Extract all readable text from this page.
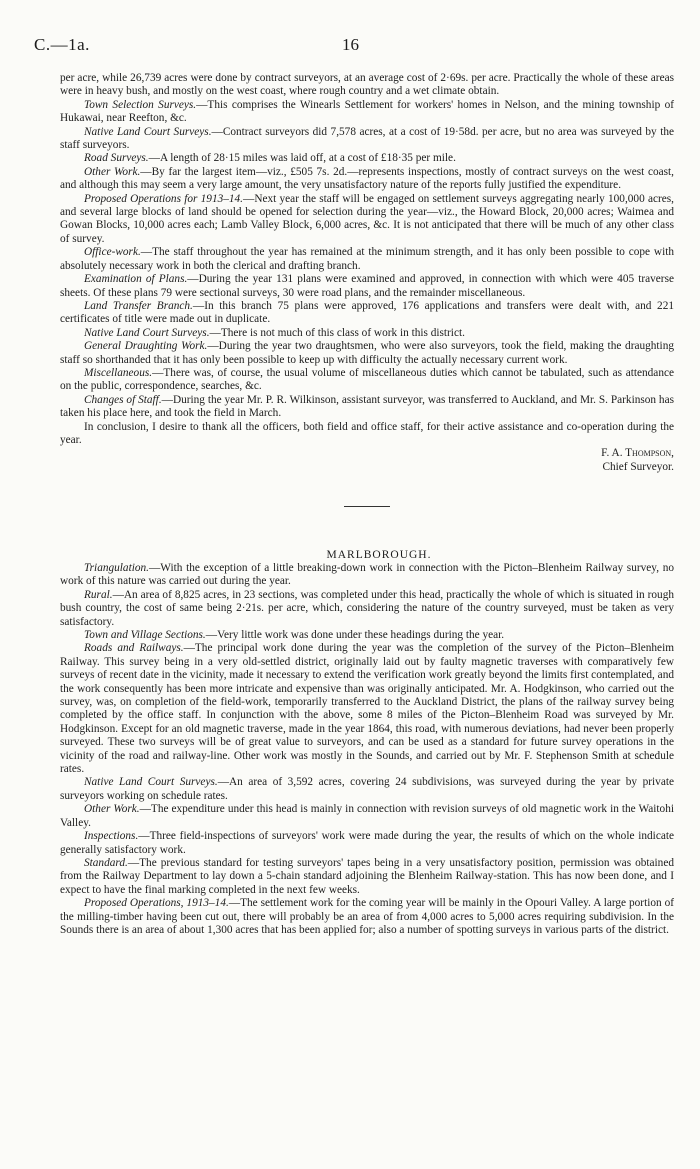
C.—1a.	16

per acre, while 26,739 acres were done by contract surveyors, at an average cost of 2·69s. per acre. Practically the whole of these areas were in heavy bush, and mostly on the west coast, where rough country and a wet climate obtain.

Town Selection Surveys.—This comprises the Winearls Settlement for workers' homes in Nelson, and the mining township of Hukawai, near Reefton, &c.

Native Land Court Surveys.—Contract surveyors did 7,578 acres, at a cost of 19·58d. per acre, but no area was surveyed by the staff surveyors.

Road Surveys.—A length of 28·15 miles was laid off, at a cost of £18·35 per mile.

Other Work.—By far the largest item—viz., £505 7s. 2d.—represents inspections, mostly of contract surveys on the west coast, and although this may seem a very large amount, the very unsatisfactory nature of the reports fully justified the expenditure.

Proposed Operations for 1913–14.—Next year the staff will be engaged on settlement surveys aggregating nearly 100,000 acres, and several large blocks of land should be opened for selection during the year—viz., the Howard Block, 20,000 acres; Waimea and Gowan Blocks, 10,000 acres each; Lamb Valley Block, 6,000 acres, &c. It is not anticipated that there will be much of any other class of survey.

Office-work.—The staff throughout the year has remained at the minimum strength, and it has only been possible to cope with absolutely necessary work in both the clerical and drafting branch.

Examination of Plans.—During the year 131 plans were examined and approved, in connection with which were 405 traverse sheets. Of these plans 79 were sectional surveys, 30 were road plans, and the remainder miscellaneous.

Land Transfer Branch.—In this branch 75 plans were approved, 176 applications and transfers were dealt with, and 221 certificates of title were made out in duplicate.

Native Land Court Surveys.—There is not much of this class of work in this district.

General Draughting Work.—During the year two draughtsmen, who were also surveyors, took the field, making the draughting staff so shorthanded that it has only been possible to keep up with difficulty the actually necessary current work.

Miscellaneous.—There was, of course, the usual volume of miscellaneous duties which cannot be tabulated, such as attendance on the public, correspondence, searches, &c.

Changes of Staff.—During the year Mr. P. R. Wilkinson, assistant surveyor, was transferred to Auckland, and Mr. S. Parkinson has taken his place here, and took the field in March.

In conclusion, I desire to thank all the officers, both field and office staff, for their active assistance and co-operation during the year.

F. A. Thompson,

Chief Surveyor.

MARLBOROUGH.

Triangulation.—With the exception of a little breaking-down work in connection with the Picton–Blenheim Railway survey, no work of this nature was carried out during the year.

Rural.—An area of 8,825 acres, in 23 sections, was completed under this head, practically the whole of which is situated in rough bush country, the cost of same being 2·21s. per acre, which, considering the nature of the country surveyed, must be taken as very satisfactory.

Town and Village Sections.—Very little work was done under these headings during the year.

Roads and Railways.—The principal work done during the year was the completion of the survey of the Picton–Blenheim Railway. This survey being in a very old-settled district, originally laid out by faulty magnetic traverses with comparatively few surveys of recent date in the vicinity, made it necessary to extend the verification work greatly beyond the limits first contemplated, and the work consequently has been more intricate and expensive than was originally anticipated. Mr. A. Hodgkinson, who carried out the survey, was, on completion of the field-work, temporarily transferred to the Auckland District, the plans of the railway survey being completed by the office staff. In conjunction with the above, some 8 miles of the Picton–Blenheim Road was surveyed by Mr. Hodgkinson. Except for an old magnetic traverse, made in the year 1864, this road, with numerous deviations, had never been properly surveyed. These two surveys will be of great value to surveyors, and can be used as a standard for future survey operations in the vicinity of the road and railway-line. Other work was mostly in the Sounds, and carried out by Mr. F. Stephenson Smith at schedule rates.

Native Land Court Surveys.—An area of 3,592 acres, covering 24 subdivisions, was surveyed during the year by private surveyors working on schedule rates.

Other Work.—The expenditure under this head is mainly in connection with revision surveys of old magnetic work in the Waitohi Valley.

Inspections.—Three field-inspections of surveyors' work were made during the year, the results of which on the whole indicate generally satisfactory work.

Standard.—The previous standard for testing surveyors' tapes being in a very unsatisfactory position, permission was obtained from the Railway Department to lay down a 5-chain standard adjoining the Blenheim Railway-station. This has now been done, and I expect to have the final marking completed in the next few weeks.

Proposed Operations, 1913–14.—The settlement work for the coming year will be mainly in the Opouri Valley. A large portion of the milling-timber having been cut out, there will probably be an area of from 4,000 acres to 5,000 acres requiring subdivision. In the Sounds there is an area of about 1,300 acres that has been applied for; also a number of spotting surveys in various parts of the district.
